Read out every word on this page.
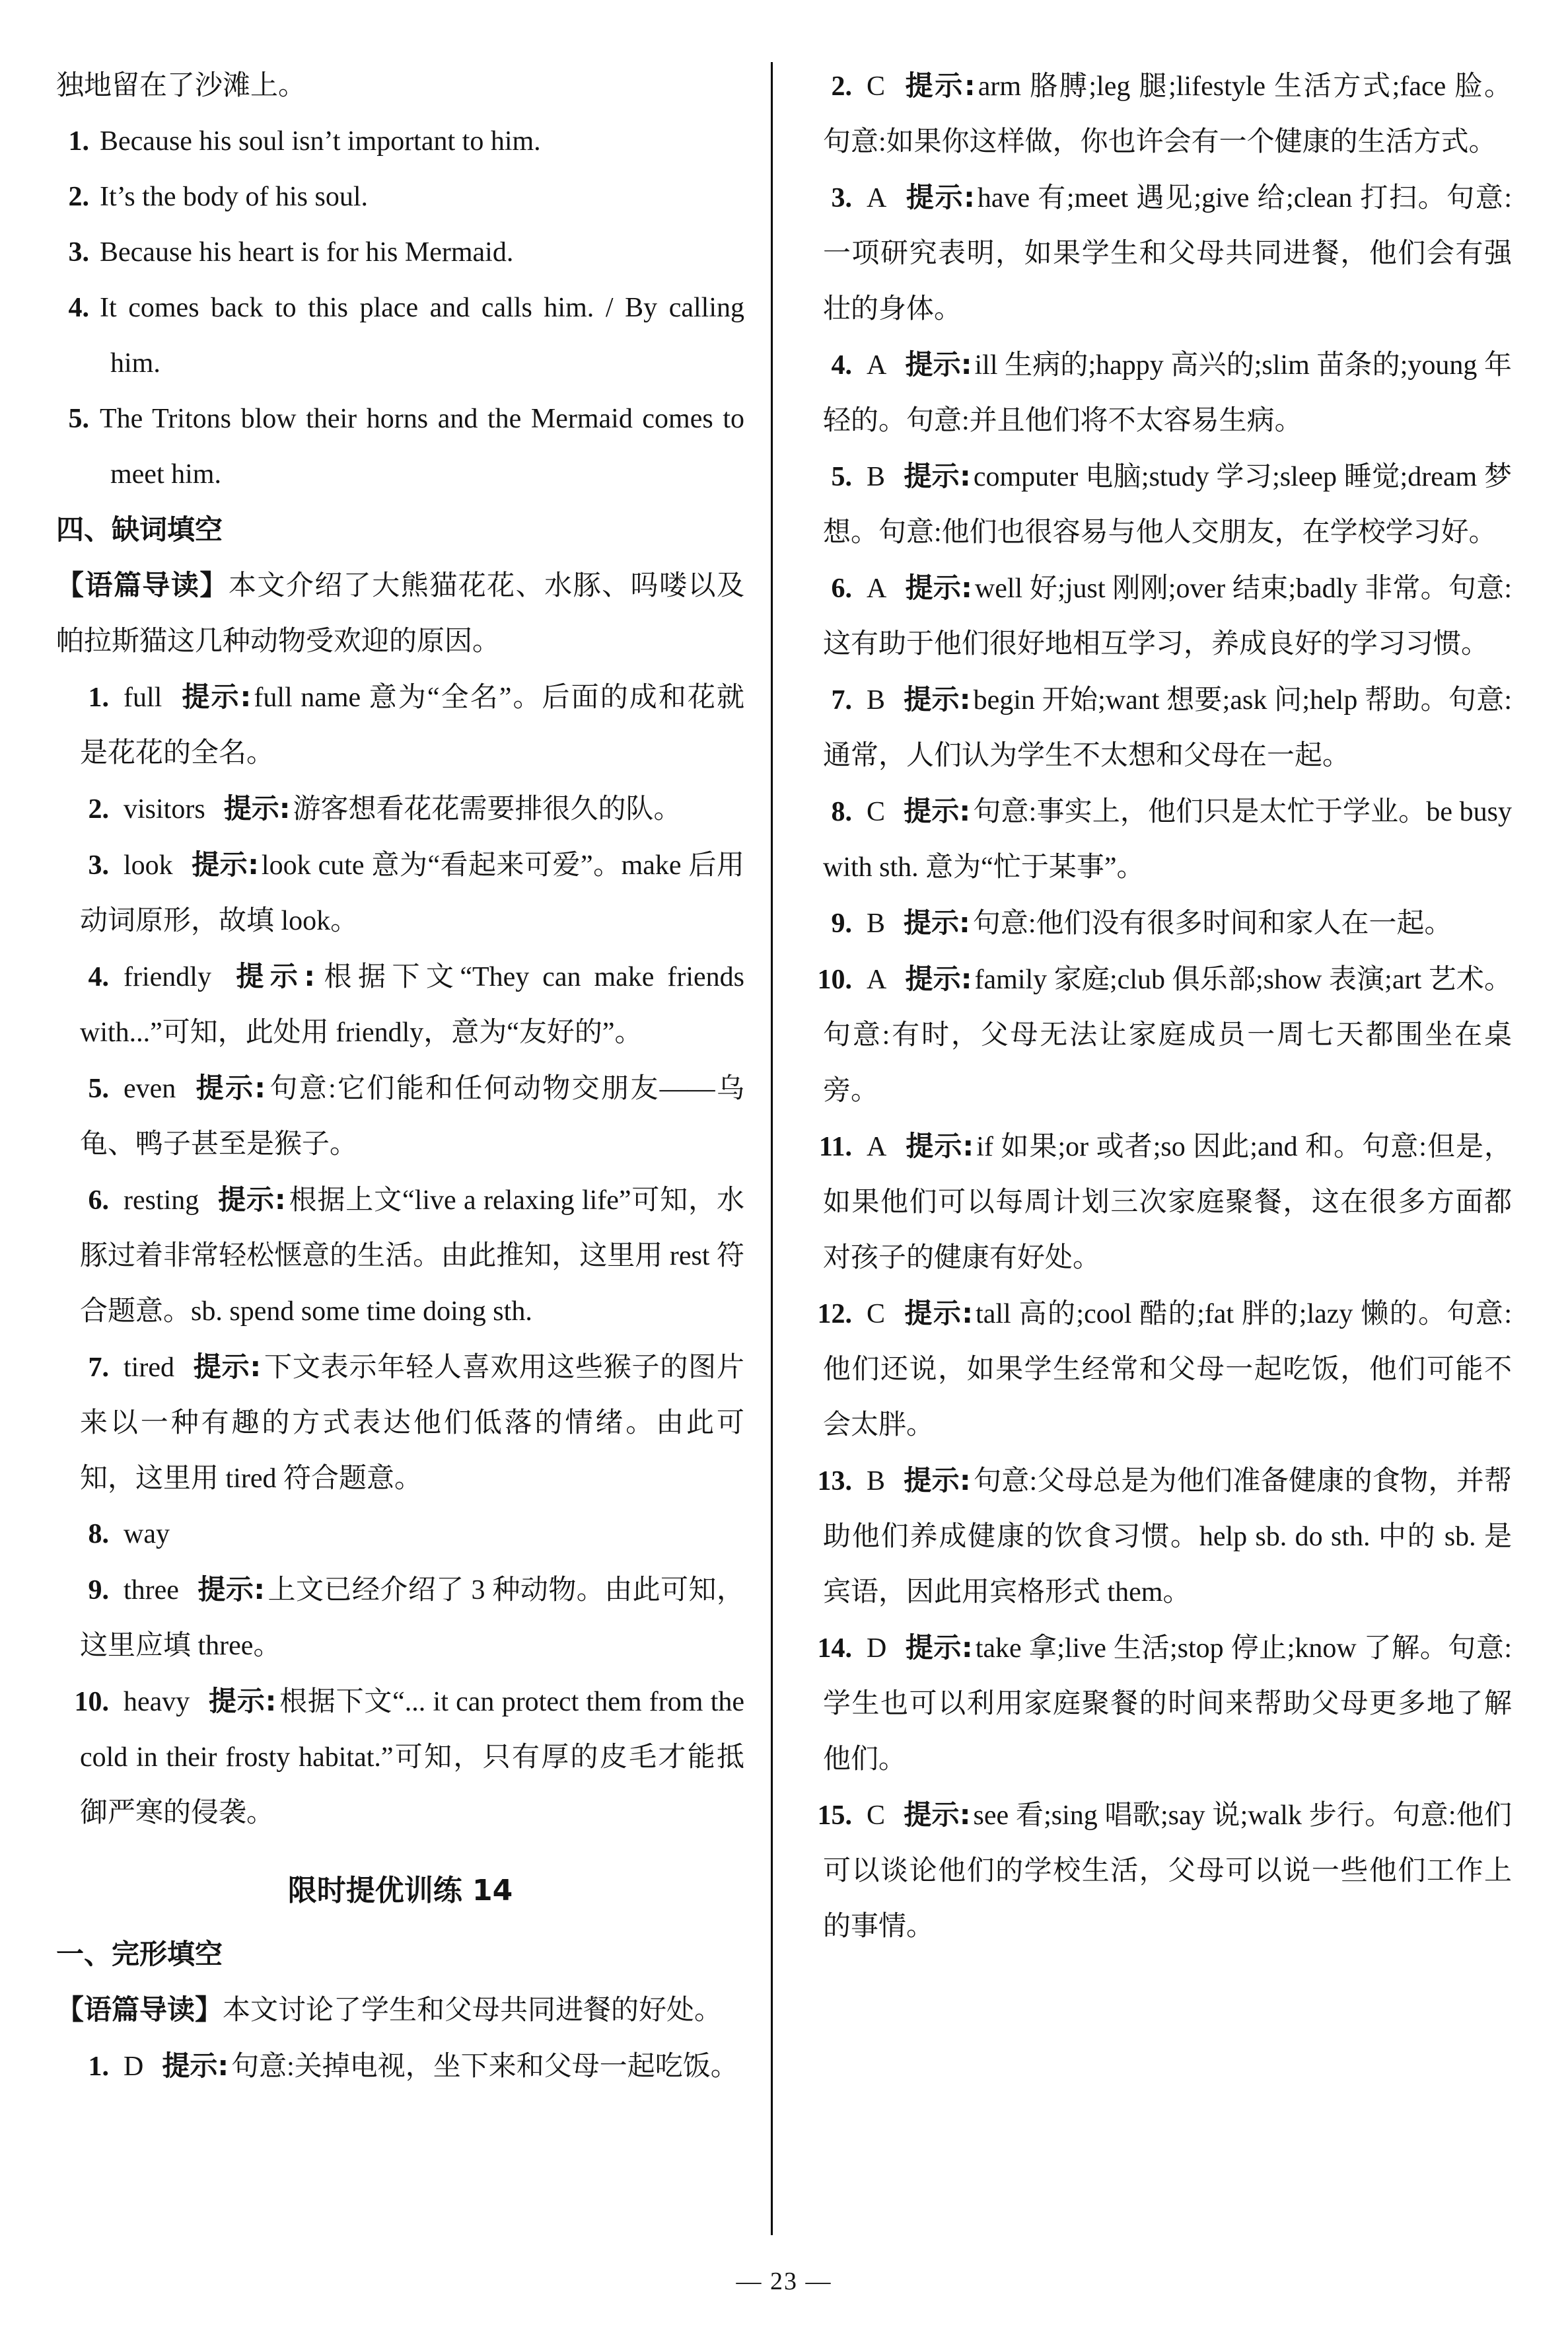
独地留在了沙滩上。

1. Because his soul isn’t important to him.

2. It’s the body of his soul.

3. Because his heart is for his Mermaid.

4. It comes back to this place and calls him. / By calling him.

5. The Tritons blow their horns and the Mermaid comes to meet him.

四、缺词填空

【语篇导读】本文介绍了大熊猫花花、水豚、吗喽以及帕拉斯猫这几种动物受欢迎的原因。

1. full 提示:full name 意为“全名”。后面的成和花就是花花的全名。

2. visitors 提示:游客想看花花需要排很久的队。

3. look 提示:look cute 意为“看起来可爱”。make 后用动词原形，故填 look。

4. friendly 提示:根据下文“They can make friends with...”可知，此处用 friendly，意为“友好的”。

5. even 提示:句意:它们能和任何动物交朋友——乌龟、鸭子甚至是猴子。

6. resting 提示:根据上文“live a relaxing life”可知，水豚过着非常轻松惬意的生活。由此推知，这里用 rest 符合题意。sb. spend some time doing sth.

7. tired 提示:下文表示年轻人喜欢用这些猴子的图片来以一种有趣的方式表达他们低落的情绪。由此可知，这里用 tired 符合题意。

8. way

9. three 提示:上文已经介绍了 3 种动物。由此可知，这里应填 three。

10. heavy 提示:根据下文“... it can protect them from the cold in their frosty habitat.”可知，只有厚的皮毛才能抵御严寒的侵袭。

限时提优训练 14

一、完形填空

【语篇导读】本文讨论了学生和父母共同进餐的好处。

1. D 提示:句意:关掉电视，坐下来和父母一起吃饭。

2. C 提示:arm 胳膊;leg 腿;lifestyle 生活方式;face 脸。句意:如果你这样做，你也许会有一个健康的生活方式。

3. A 提示:have 有;meet 遇见;give 给;clean 打扫。句意:一项研究表明，如果学生和父母共同进餐，他们会有强壮的身体。

4. A 提示:ill 生病的;happy 高兴的;slim 苗条的;young 年轻的。句意:并且他们将不太容易生病。

5. B 提示:computer 电脑;study 学习;sleep 睡觉;dream 梦想。句意:他们也很容易与他人交朋友，在学校学习好。

6. A 提示:well 好;just 刚刚;over 结束;badly 非常。句意:这有助于他们很好地相互学习，养成良好的学习习惯。

7. B 提示:begin 开始;want 想要;ask 问;help 帮助。句意:通常，人们认为学生不太想和父母在一起。

8. C 提示:句意:事实上，他们只是太忙于学业。be busy with sth. 意为“忙于某事”。

9. B 提示:句意:他们没有很多时间和家人在一起。

10. A 提示:family 家庭;club 俱乐部;show 表演;art 艺术。句意:有时，父母无法让家庭成员一周七天都围坐在桌旁。

11. A 提示:if 如果;or 或者;so 因此;and 和。句意:但是，如果他们可以每周计划三次家庭聚餐，这在很多方面都对孩子的健康有好处。

12. C 提示:tall 高的;cool 酷的;fat 胖的;lazy 懒的。句意:他们还说，如果学生经常和父母一起吃饭，他们可能不会太胖。

13. B 提示:句意:父母总是为他们准备健康的食物，并帮助他们养成健康的饮食习惯。help sb. do sth. 中的 sb. 是宾语，因此用宾格形式 them。

14. D 提示:take 拿;live 生活;stop 停止;know 了解。句意:学生也可以利用家庭聚餐的时间来帮助父母更多地了解他们。

15. C 提示:see 看;sing 唱歌;say 说;walk 步行。句意:他们可以谈论他们的学校生活，父母可以说一些他们工作上的事情。

— 23 —
